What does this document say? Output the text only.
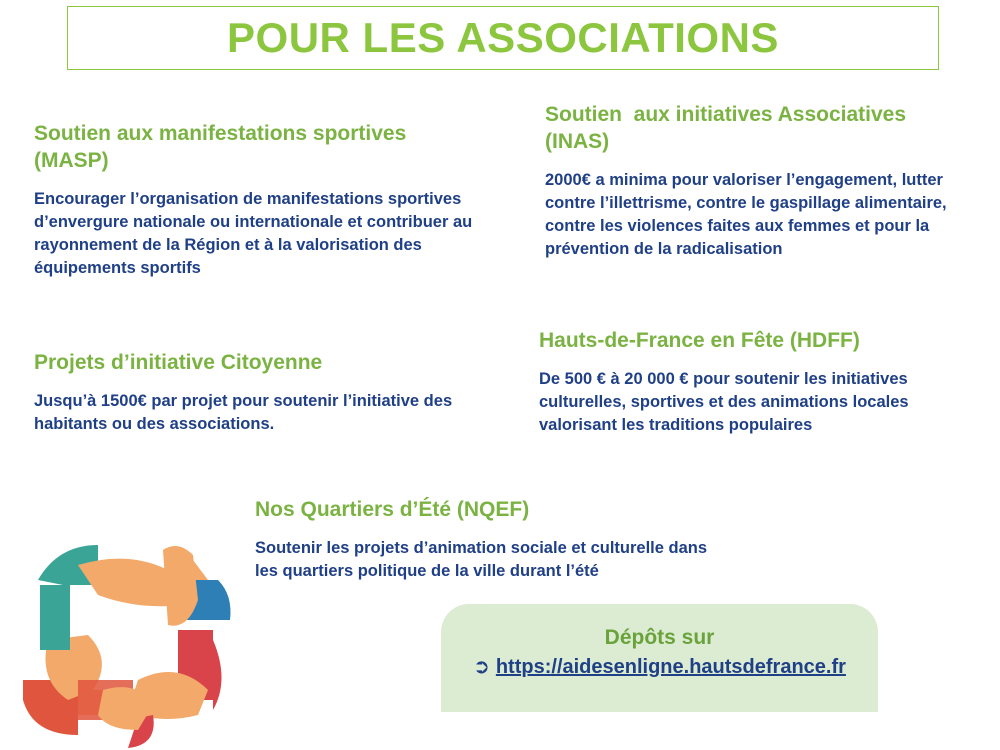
POUR LES ASSOCIATIONS
Soutien aux manifestations sportives (MASP)

Encourager l’organisation de manifestations sportives d’envergure nationale ou internationale et contribuer au rayonnement de la Région et à la valorisation des équipements sportifs

Soutien  aux initiatives Associatives (INAS)

2000€ a minima pour valoriser l’engagement, lutter contre l’illettrisme, contre le gaspillage alimentaire, contre les violences faites aux femmes et pour la prévention de la radicalisation

Projets d’initiative Citoyenne

Jusqu’à 1500€ par projet pour soutenir l’initiative des habitants ou des associations.

Hauts-de-France en Fête (HDFF)

De 500 € à 20 000 € pour soutenir les initiatives culturelles, sportives et des animations locales valorisant les traditions populaires

Nos Quartiers d’Été (NQEF)

Soutenir les projets d’animation sociale et culturelle dans les quartiers politique de la ville durant l’été

Dépôts sur
➲ https://aidesenligne.hautsdefrance.fr
